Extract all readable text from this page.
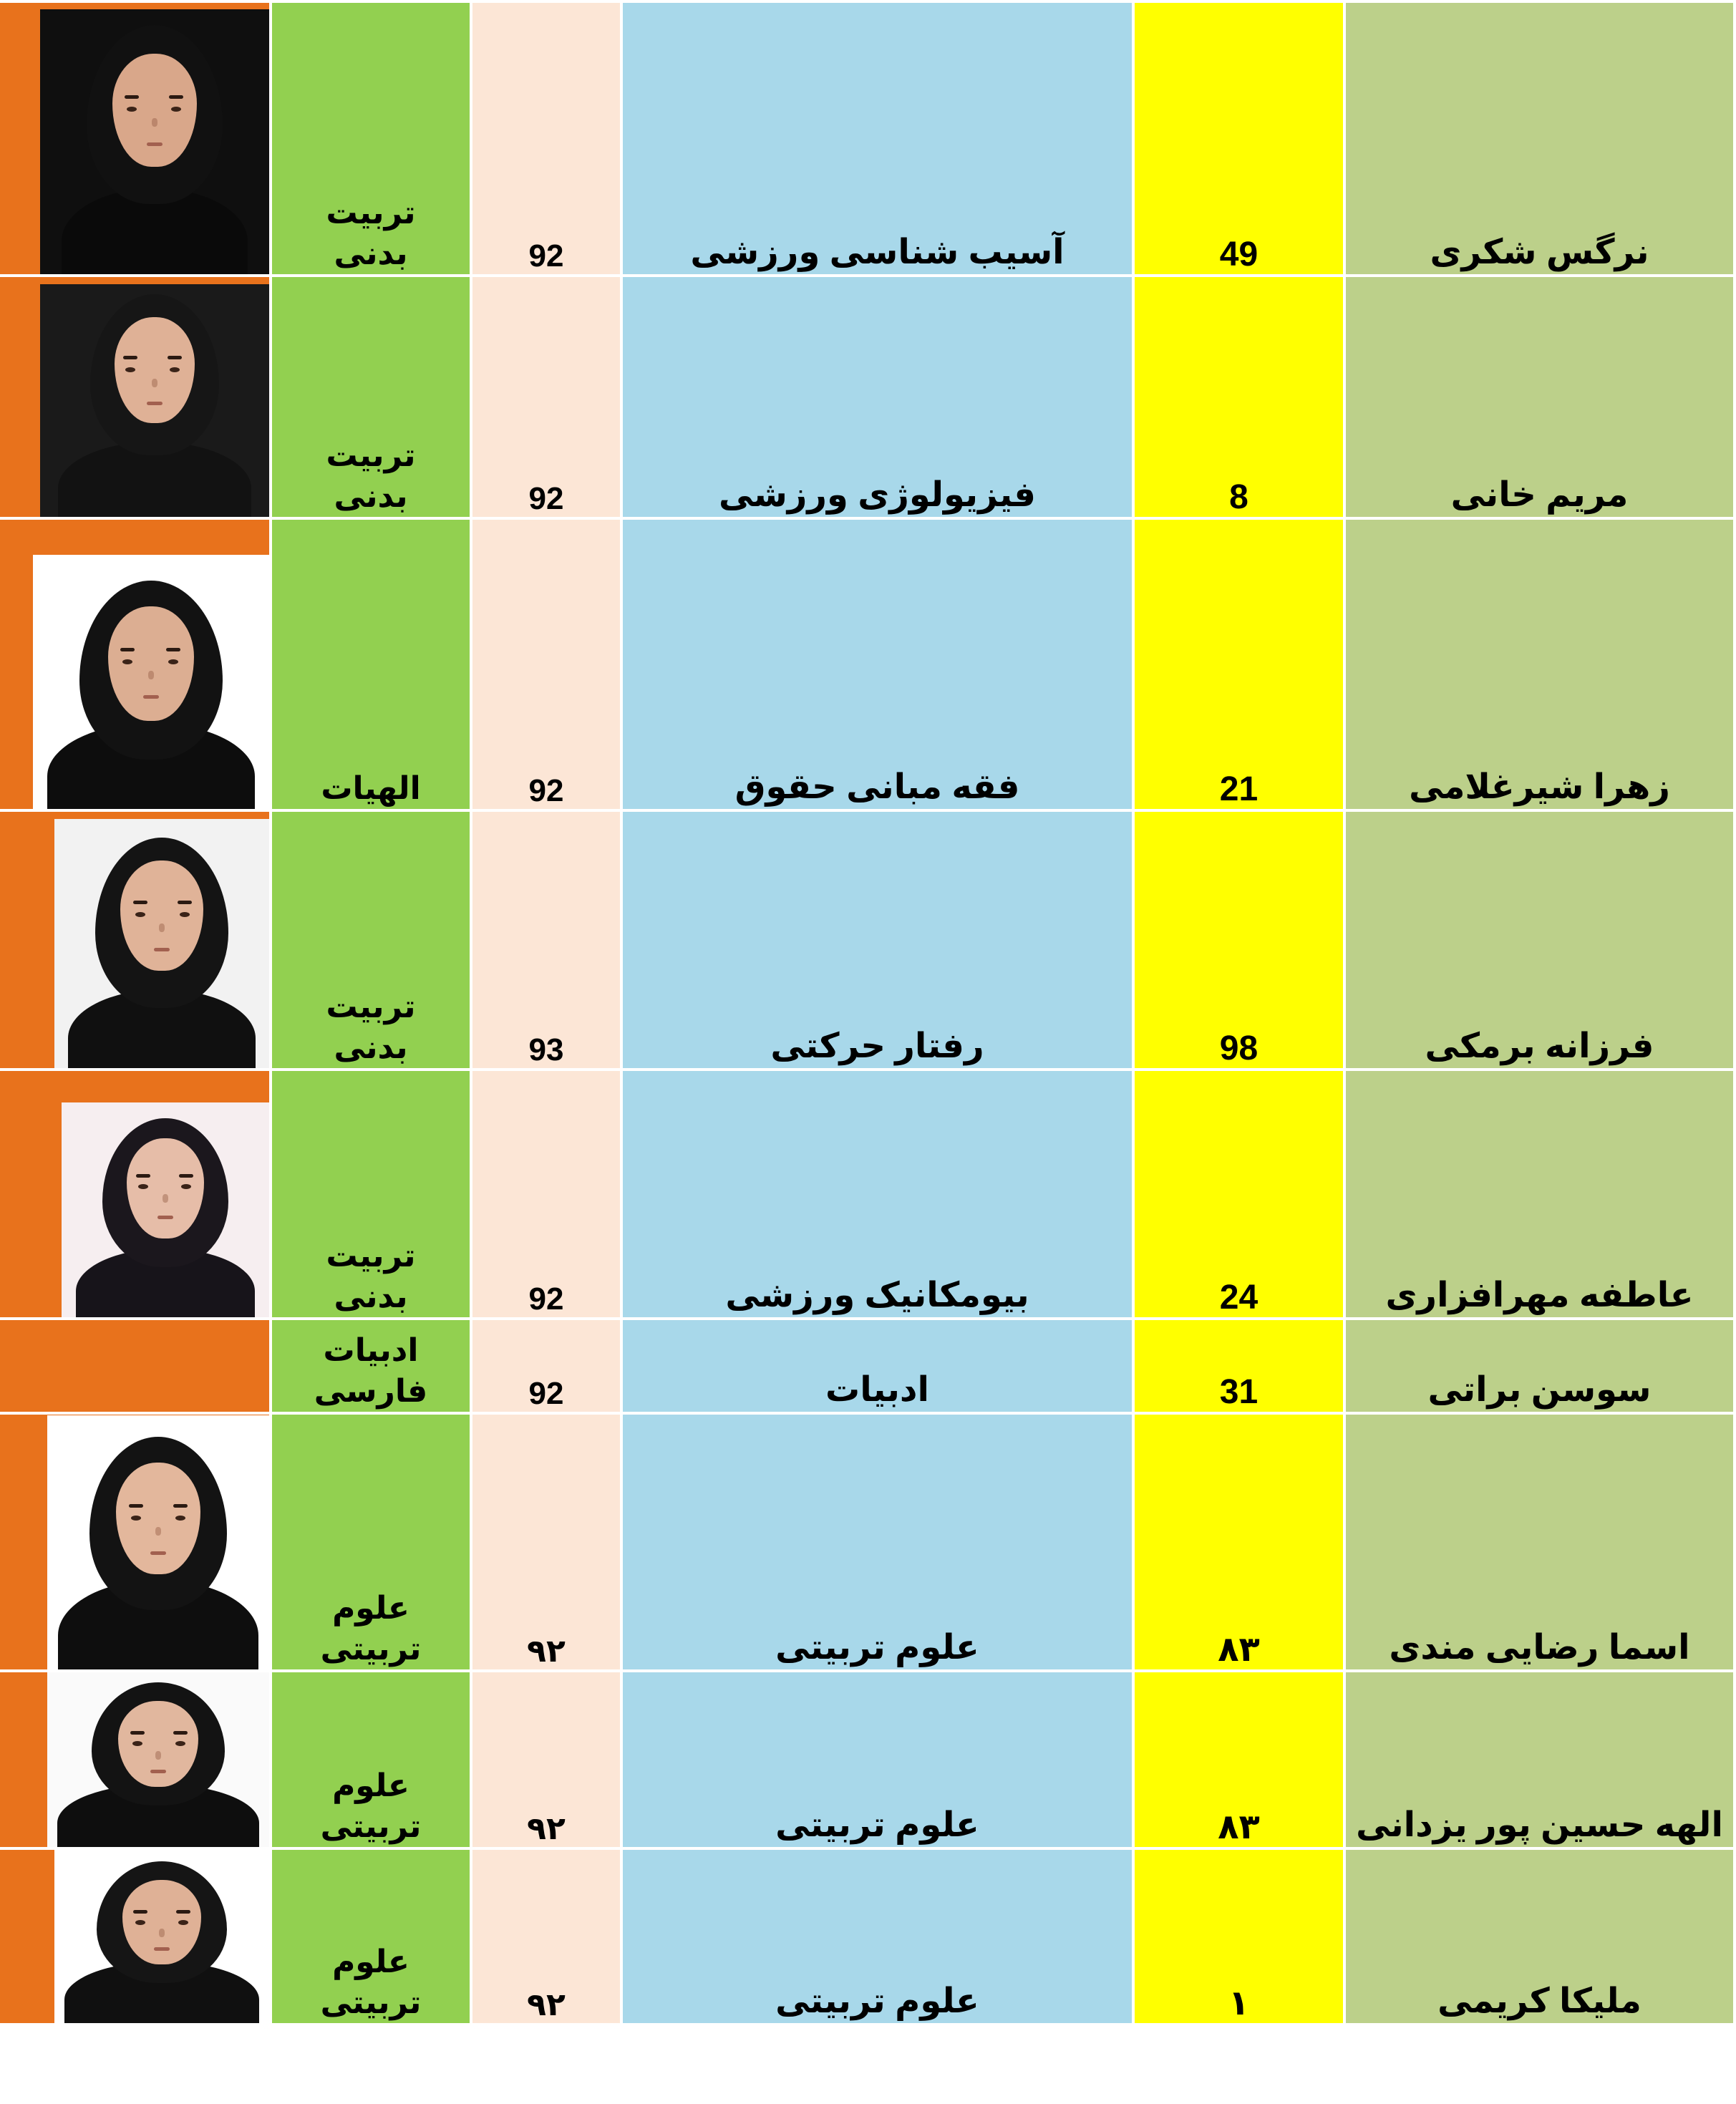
نرگس شکری	49	آسیب شناسی ورزشی	92	تربیت
بدنی	

مریم خانی	8	فیزیولوژی ورزشی	92	تربیت
بدنی	

زهرا شیرغلامی	21	فقه مبانی حقوق	92	الهیات	

فرزانه برمکی	98	رفتار حرکتی	93	تربیت
بدنی	

عاطفه مهرافزاری	24	بیومکانیک ورزشی	92	تربیت
بدنی	

سوسن براتی	31	ادبیات	92	ادبیات
فارسی	

اسما رضایی مندی	۸۳	علوم تربیتی	۹۲	علوم
تربیتی	

الهه حسین پور یزدانی	۸۳	علوم تربیتی	۹۲	علوم
تربیتی	

ملیکا کریمی	۱	علوم تربیتی	۹۲	علوم
تربیتی	
